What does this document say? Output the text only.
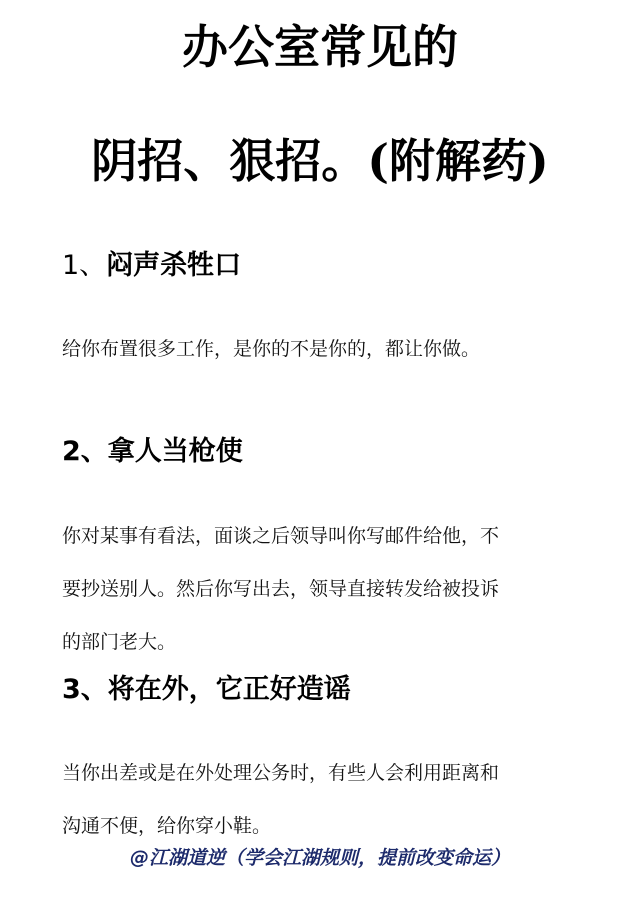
办公室常见的
阴招、狠招。(附解药)
1、闷声杀牲口
给你布置很多工作，是你的不是你的，都让你做。
2、拿人当枪使
你对某事有看法，面谈之后领导叫你写邮件给他，不
要抄送别人。然后你写出去，领导直接转发给被投诉
的部门老大。
3、将在外，它正好造谣
当你出差或是在外处理公务时，有些人会利用距离和
沟通不便，给你穿小鞋。
@江湖道逆（学会江湖规则，提前改变命运）
